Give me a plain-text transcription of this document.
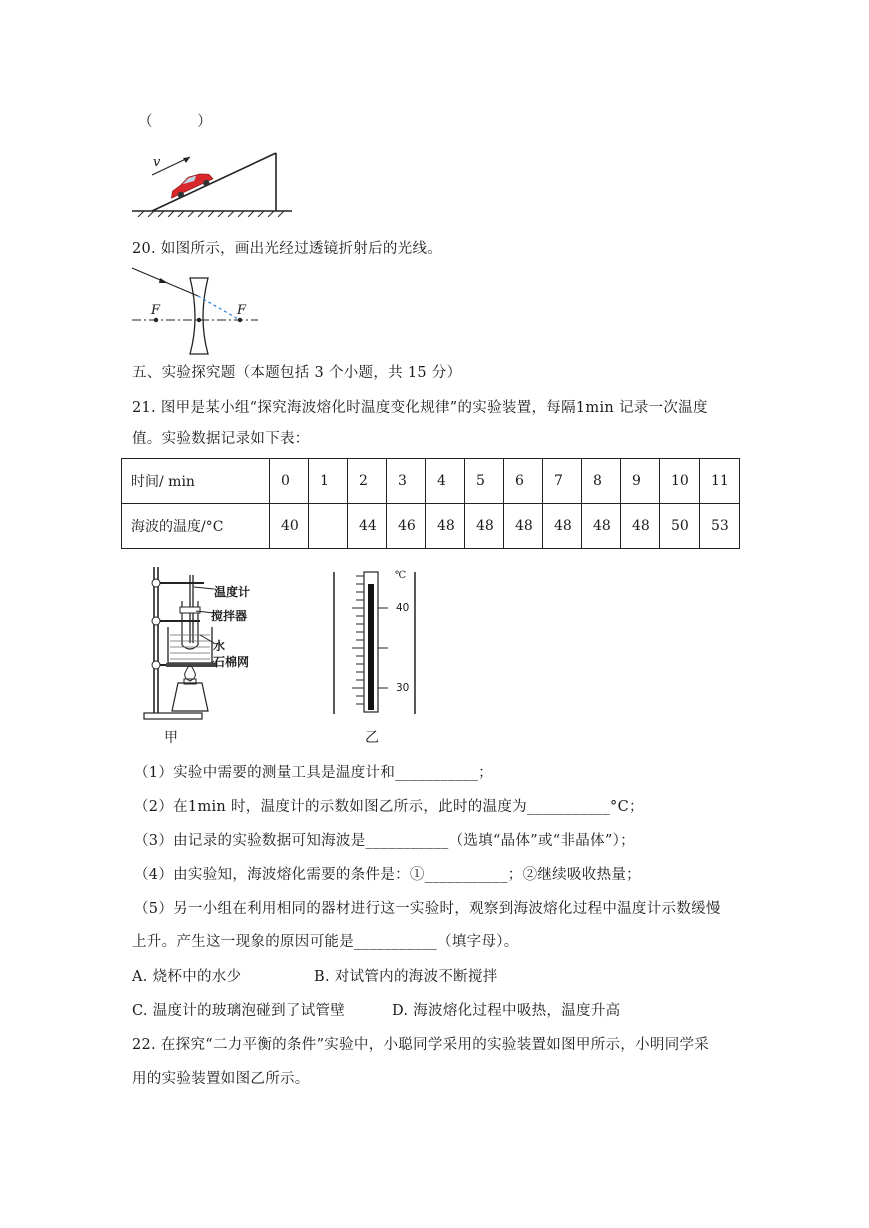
（　　　）
v
20. 如图所示，画出光经过透镜折射后的光线。
F	F
五、实验探究题（本题包括 3 个小题，共 15 分）
21. 图甲是某小组“探究海波熔化时温度变化规律”的实验装置，每隔1min 记录一次温度
值。实验数据记录如下表：
时间/ min	0	1	2	3	4	5	6	7	8	9	10	11
海波的温度/°C	40		44	46	48	48	48	48	48	48	50	53
温度计
搅拌器
水
石棉网
甲
℃
40
30
乙
（1）实验中需要的测量工具是温度计和___________；
（2）在1min 时，温度计的示数如图乙所示，此时的温度为___________°C；
（3）由记录的实验数据可知海波是___________（选填“晶体”或“非晶体”）；
（4）由实验知，海波熔化需要的条件是：①___________；②继续吸收热量；
（5）另一小组在利用相同的器材进行这一实验时，观察到海波熔化过程中温度计示数缓慢
上升。产生这一现象的原因可能是___________（填字母）。
A. 烧杯中的水少	B. 对试管内的海波不断搅拌
C. 温度计的玻璃泡碰到了试管壁	D. 海波熔化过程中吸热，温度升高
22. 在探究“二力平衡的条件”实验中，小聪同学采用的实验装置如图甲所示，小明同学采
用的实验装置如图乙所示。
